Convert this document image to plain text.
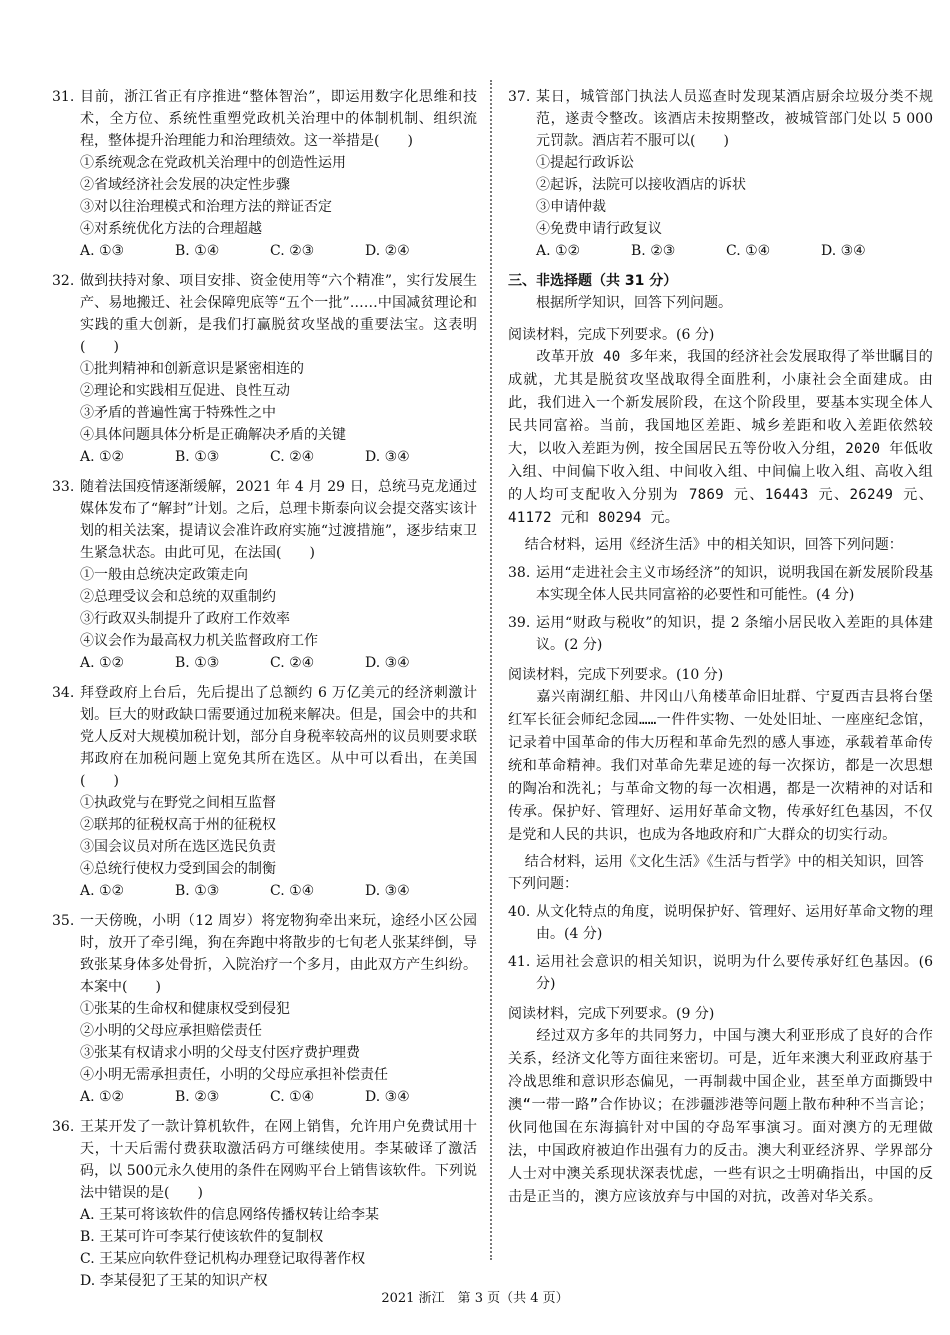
31. 目前，浙江省正有序推进“整体智治”，即运用数字化思维和技术，全方位、系统性重塑党政机关治理中的体制机制、组织流程，整体提升治理能力和治理绩效。这一举措是(　　)
①系统观念在党政机关治理中的创造性运用
②省域经济社会发展的决定性步骤
③对以往治理模式和治理方法的辩证否定
④对系统优化方法的合理超越
A. ①③	B. ①④	C. ②③	D. ②④
32. 做到扶持对象、项目安排、资金使用等“六个精准”，实行发展生产、易地搬迁、社会保障兜底等“五个一批”……中国减贫理论和实践的重大创新，是我们打赢脱贫攻坚战的重要法宝。这表明(　　)
①批判精神和创新意识是紧密相连的
②理论和实践相互促进、良性互动
③矛盾的普遍性寓于特殊性之中
④具体问题具体分析是正确解决矛盾的关键
A. ①②	B. ①③	C. ②④	D. ③④
33. 随着法国疫情逐渐缓解，2021 年 4 月 29 日，总统马克龙通过媒体发布了“解封”计划。之后，总理卡斯泰向议会提交落实该计划的相关法案，提请议会准许政府实施“过渡措施”，逐步结束卫生紧急状态。由此可见，在法国(　　)
①一般由总统决定政策走向
②总理受议会和总统的双重制约
③行政双头制提升了政府工作效率
④议会作为最高权力机关监督政府工作
A. ①②	B. ①③	C. ②④	D. ③④
34. 拜登政府上台后，先后提出了总额约 6 万亿美元的经济刺激计划。巨大的财政缺口需要通过加税来解决。但是，国会中的共和党人反对大规模加税计划，部分自身税率较高州的议员则要求联邦政府在加税问题上宽免其所在选区。从中可以看出，在美国(　　)
①执政党与在野党之间相互监督
②联邦的征税权高于州的征税权
③国会议员对所在选区选民负责
④总统行使权力受到国会的制衡
A. ①②	B. ①③	C. ①④	D. ③④
35. 一天傍晚，小明（12 周岁）将宠物狗牵出来玩，途经小区公园时，放开了牵引绳，狗在奔跑中将散步的七旬老人张某绊倒，导致张某身体多处骨折，入院治疗一个多月，由此双方产生纠纷。本案中(　　)
①张某的生命权和健康权受到侵犯
②小明的父母应承担赔偿责任
③张某有权请求小明的父母支付医疗费护理费
④小明无需承担责任，小明的父母应承担补偿责任
A. ①②	B. ②③	C. ①④	D. ③④
36. 王某开发了一款计算机软件，在网上销售，允许用户免费试用十天，十天后需付费获取激活码方可继续使用。李某破译了激活码，以 500元永久使用的条件在网购平台上销售该软件。下列说法中错误的是(　　)
A. 王某可将该软件的信息网络传播权转让给李某
B. 王某可许可李某行使该软件的复制权
C. 王某应向软件登记机构办理登记取得著作权
D. 李某侵犯了王某的知识产权
37. 某日，城管部门执法人员巡查时发现某酒店厨余垃圾分类不规范，遂责令整改。该酒店未按期整改，被城管部门处以 5 000 元罚款。酒店若不服可以(　　)
①提起行政诉讼
②起诉，法院可以接收酒店的诉状
③申请仲裁
④免费申请行政复议
A. ①②	B. ②③	C. ①④	D. ③④
三、非选择题（共 31 分）
根据所学知识，回答下列问题。
阅读材料，完成下列要求。(6 分)
改革开放 40 多年来，我国的经济社会发展取得了举世瞩目的成就，尤其是脱贫攻坚战取得全面胜利，小康社会全面建成。由此，我们进入一个新发展阶段，在这个阶段里，要基本实现全体人民共同富裕。当前，我国地区差距、城乡差距和收入差距依然较大，以收入差距为例，按全国居民五等份收入分组，2020 年低收入组、中间偏下收入组、中间收入组、中间偏上收入组、高收入组的人均可支配收入分别为 7869 元、16443 元、26249 元、41172 元和 80294 元。
结合材料，运用《经济生活》中的相关知识，回答下列问题：
38. 运用“走进社会主义市场经济”的知识，说明我国在新发展阶段基本实现全体人民共同富裕的必要性和可能性。(4 分)
39. 运用“财政与税收”的知识，提 2 条缩小居民收入差距的具体建议。(2 分)
阅读材料，完成下列要求。(10 分)
嘉兴南湖红船、井冈山八角楼革命旧址群、宁夏西吉县将台堡红军长征会师纪念园……一件件实物、一处处旧址、一座座纪念馆，记录着中国革命的伟大历程和革命先烈的感人事迹，承载着革命传统和革命精神。我们对革命先辈足迹的每一次探访，都是一次思想的陶冶和洗礼；与革命文物的每一次相遇，都是一次精神的对话和传承。保护好、管理好、运用好革命文物，传承好红色基因，不仅是党和人民的共识，也成为各地政府和广大群众的切实行动。
结合材料，运用《文化生活》《生活与哲学》中的相关知识，回答下列问题：
40. 从文化特点的角度，说明保护好、管理好、运用好革命文物的理由。(4 分)
41. 运用社会意识的相关知识，说明为什么要传承好红色基因。(6 分)
阅读材料，完成下列要求。(9 分)
经过双方多年的共同努力，中国与澳大利亚形成了良好的合作关系，经济文化等方面往来密切。可是，近年来澳大利亚政府基于冷战思维和意识形态偏见，一再制裁中国企业，甚至单方面撕毁中澳“一带一路”合作协议；在涉疆涉港等问题上散布种种不当言论；伙同他国在东海搞针对中国的夺岛军事演习。面对澳方的无理做法，中国政府被迫作出强有力的反击。澳大利亚经济界、学界部分人士对中澳关系现状深表忧虑，一些有识之士明确指出，中国的反击是正当的，澳方应该放弃与中国的对抗，改善对华关系。
2021 浙江　第 3 页（共 4 页）
